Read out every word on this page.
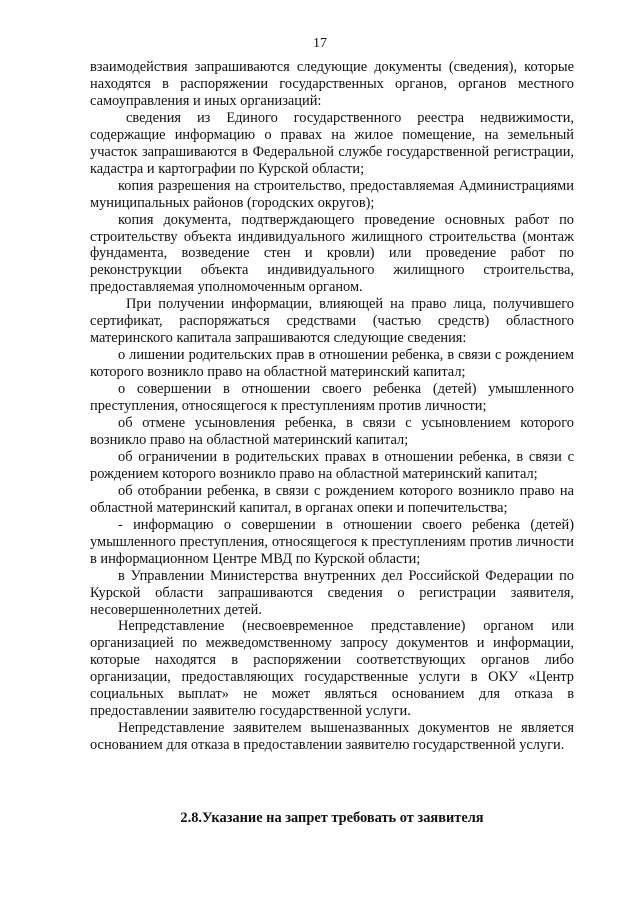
17

взаимодействия запрашиваются следующие документы (сведения), которые находятся в распоряжении государственных органов, органов местного самоуправления и иных организаций:

сведения из Единого государственного реестра недвижимости, содержащие информацию о правах на жилое помещение, на земельный участок запрашиваются в Федеральной службе государственной регистрации, кадастра и картографии по Курской области;

копия разрешения на строительство, предоставляемая Администрациями муниципальных районов (городских округов);

копия документа, подтверждающего проведение основных работ по строительству объекта индивидуального жилищного строительства (монтаж фундамента, возведение стен и кровли) или проведение работ по реконструкции объекта индивидуального жилищного строительства, предоставляемая уполномоченным органом.

При получении информации, влияющей на право лица, получившего сертификат, распоряжаться средствами (частью средств) областного материнского капитала запрашиваются следующие сведения:

о лишении родительских прав в отношении ребенка, в связи с рождением которого возникло право на областной материнский капитал;

о совершении в отношении своего ребенка (детей) умышленного преступления, относящегося к преступлениям против личности;

об отмене усыновления ребенка, в связи с усыновлением которого возникло право на областной материнский капитал;

об ограничении в родительских правах в отношении ребенка, в связи с рождением которого возникло право на областной материнский капитал;

об отобрании ребенка, в связи с рождением которого возникло право на областной материнский капитал, в органах опеки и попечительства;

- информацию о совершении в отношении своего ребенка (детей) умышленного преступления, относящегося к преступлениям против личности в информационном Центре МВД по Курской области;

в Управлении Министерства внутренних дел Российской Федерации по Курской области запрашиваются сведения о регистрации заявителя, несовершеннолетних детей.

Непредставление (несвоевременное представление) органом или организацией по межведомственному запросу документов и информации, которые находятся в распоряжении соответствующих органов либо организации, предоставляющих государственные услуги в ОКУ «Центр социальных выплат» не может являться основанием для отказа в предоставлении заявителю государственной услуги.

Непредставление заявителем вышеназванных документов не является основанием для отказа в предоставлении заявителю государственной услуги.

2.8.Указание на запрет требовать от заявителя
